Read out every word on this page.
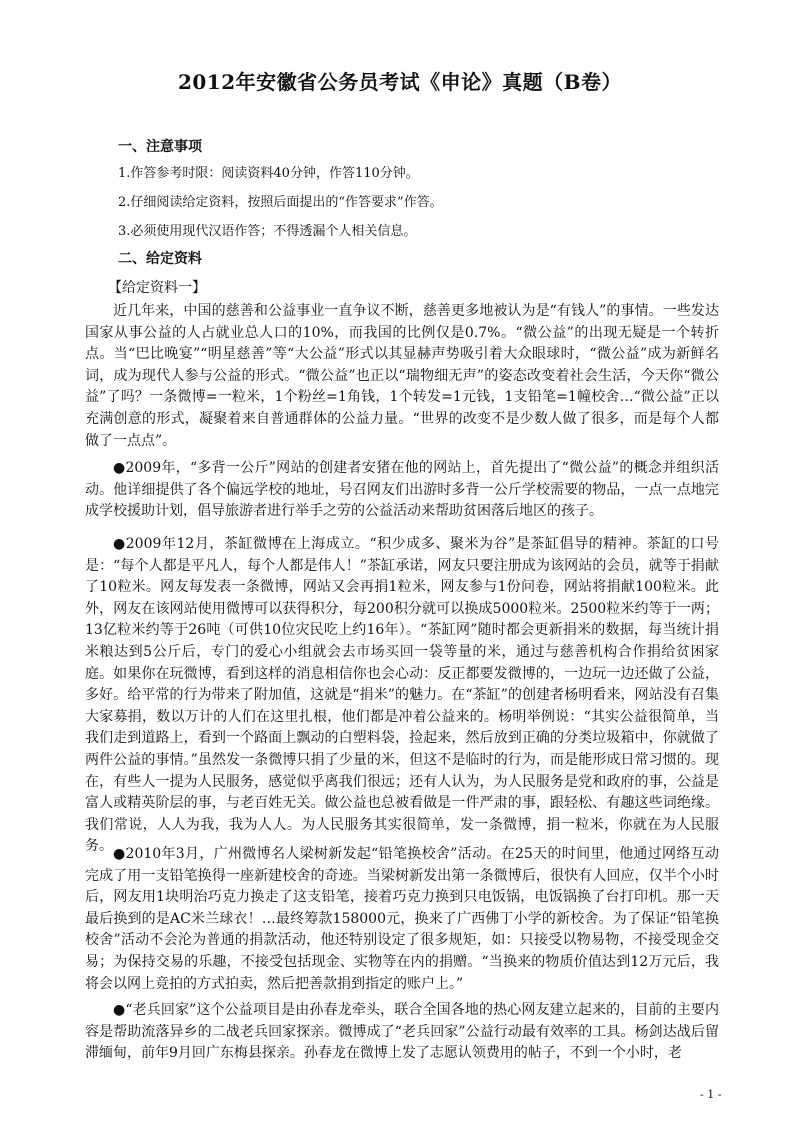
2012年安徽省公务员考试《申论》真题（B卷）
一、注意事项
1.作答参考时限：阅读资料40分钟，作答110分钟。
2.仔细阅读给定资料，按照后面提出的“作答要求”作答。
3.必须使用现代汉语作答；不得透漏个人相关信息。
二、给定资料
【给定资料一】

近几年来，中国的慈善和公益事业一直争议不断，慈善更多地被认为是“有钱人”的事情。一些发达国家从事公益的人占就业总人口的10%，而我国的比例仅是0.7%。“微公益”的出现无疑是一个转折点。当“巴比晚宴”“明星慈善”等“大公益”形式以其显赫声势吸引着大众眼球时，“微公益”成为新鲜名词，成为现代人参与公益的形式。“微公益”也正以“瑞物细无声”的姿态改变着社会生活，今天你“微公益”了吗？一条微博=一粒米，1个粉丝=1角钱，1个转发=1元钱，1支铅笔=1幢校舍…“微公益”正以充满创意的形式，凝聚着来自普通群体的公益力量。“世界的改变不是少数人做了很多，而是每个人都做了一点点”。

●2009年，“多背一公斤”网站的创建者安猪在他的网站上，首先提出了“微公益”的概念并组织活动。他详细提供了各个偏远学校的地址，号召网友们出游时多背一公斤学校需要的物品，一点一点地完成学校援助计划，倡导旅游者进行举手之劳的公益活动来帮助贫困落后地区的孩子。

●2009年12月，茶缸微博在上海成立。“积少成多、聚米为谷”是茶缸倡导的精神。茶缸的口号是：“每个人都是平凡人，每个人都是伟人！”茶缸承诺，网友只要注册成为该网站的会员，就等于捐献了10粒米。网友每发表一条微博，网站又会再捐1粒米，网友参与1份问卷，网站将捐献100粒米。此外，网友在该网站使用微博可以获得积分，每200积分就可以换成5000粒米。2500粒米约等于一两；13亿粒米约等于26吨（可供10位灾民吃上约16年）。“茶缸网”随时都会更新捐米的数据，每当统计捐米粮达到5公斤后，专门的爱心小组就会去市场买回一袋等量的米，通过与慈善机构合作捐给贫困家庭。如果你在玩微博，看到这样的消息相信你也会心动：反正都要发微博的，一边玩一边还做了公益，多好。给平常的行为带来了附加值，这就是“捐米”的魅力。在“茶缸”的创建者杨明看来，网站没有召集大家募捐，数以万计的人们在这里扎根，他们都是冲着公益来的。杨明举例说：“其实公益很简单，当我们走到道路上，看到一个路面上飘动的白塑料袋，捡起来，然后放到正确的分类垃圾箱中，你就做了两件公益的事情。”虽然发一条微博只捐了少量的米，但这不是临时的行为，而是能形成日常习惯的。现在，有些人一提为人民服务，感觉似乎离我们很远；还有人认为，为人民服务是党和政府的事，公益是富人或精英阶层的事，与老百姓无关。做公益也总被看做是一件严肃的事，跟轻松、有趣这些词绝缘。我们常说，人人为我，我为人人。为人民服务其实很简单，发一条微博，捐一粒米，你就在为人民服务。 ●2010年3月，广州微博名人梁树新发起“铅笔换校舍”活动。在25天的时间里，他通过网络互动完成了用一支铅笔换得一座新建校舍的奇迹。当梁树新发出第一条微博后，很快有人回应，仅半个小时后，网友用1块明治巧克力换走了这支铅笔，接着巧克力换到只电饭锅，电饭锅换了台打印机。那一天最后换到的是AC米兰球衣！…最终筹款158000元，换来了广西佛丁小学的新校舍。为了保证“铅笔换校舍”活动不会沦为普通的捐款活动，他还特别设定了很多规矩，如：只接受以物易物，不接受现金交易；为保持交易的乐趣，不接受包括现金、实物等在内的捐赠。“当换来的物质价值达到12万元后，我将会以网上竞拍的方式拍卖，然后把善款捐到指定的账户上。”

●“老兵回家”这个公益项目是由孙春龙牵头，联合全国各地的热心网友建立起来的，目前的主要内容是帮助流落异乡的二战老兵回家探亲。微博成了“老兵回家”公益行动最有效率的工具。杨剑达战后留滞缅甸，前年9月回广东梅县探亲。孙春龙在微博上发了志愿认领费用的帖子，不到一个小时，老

- 1 -
